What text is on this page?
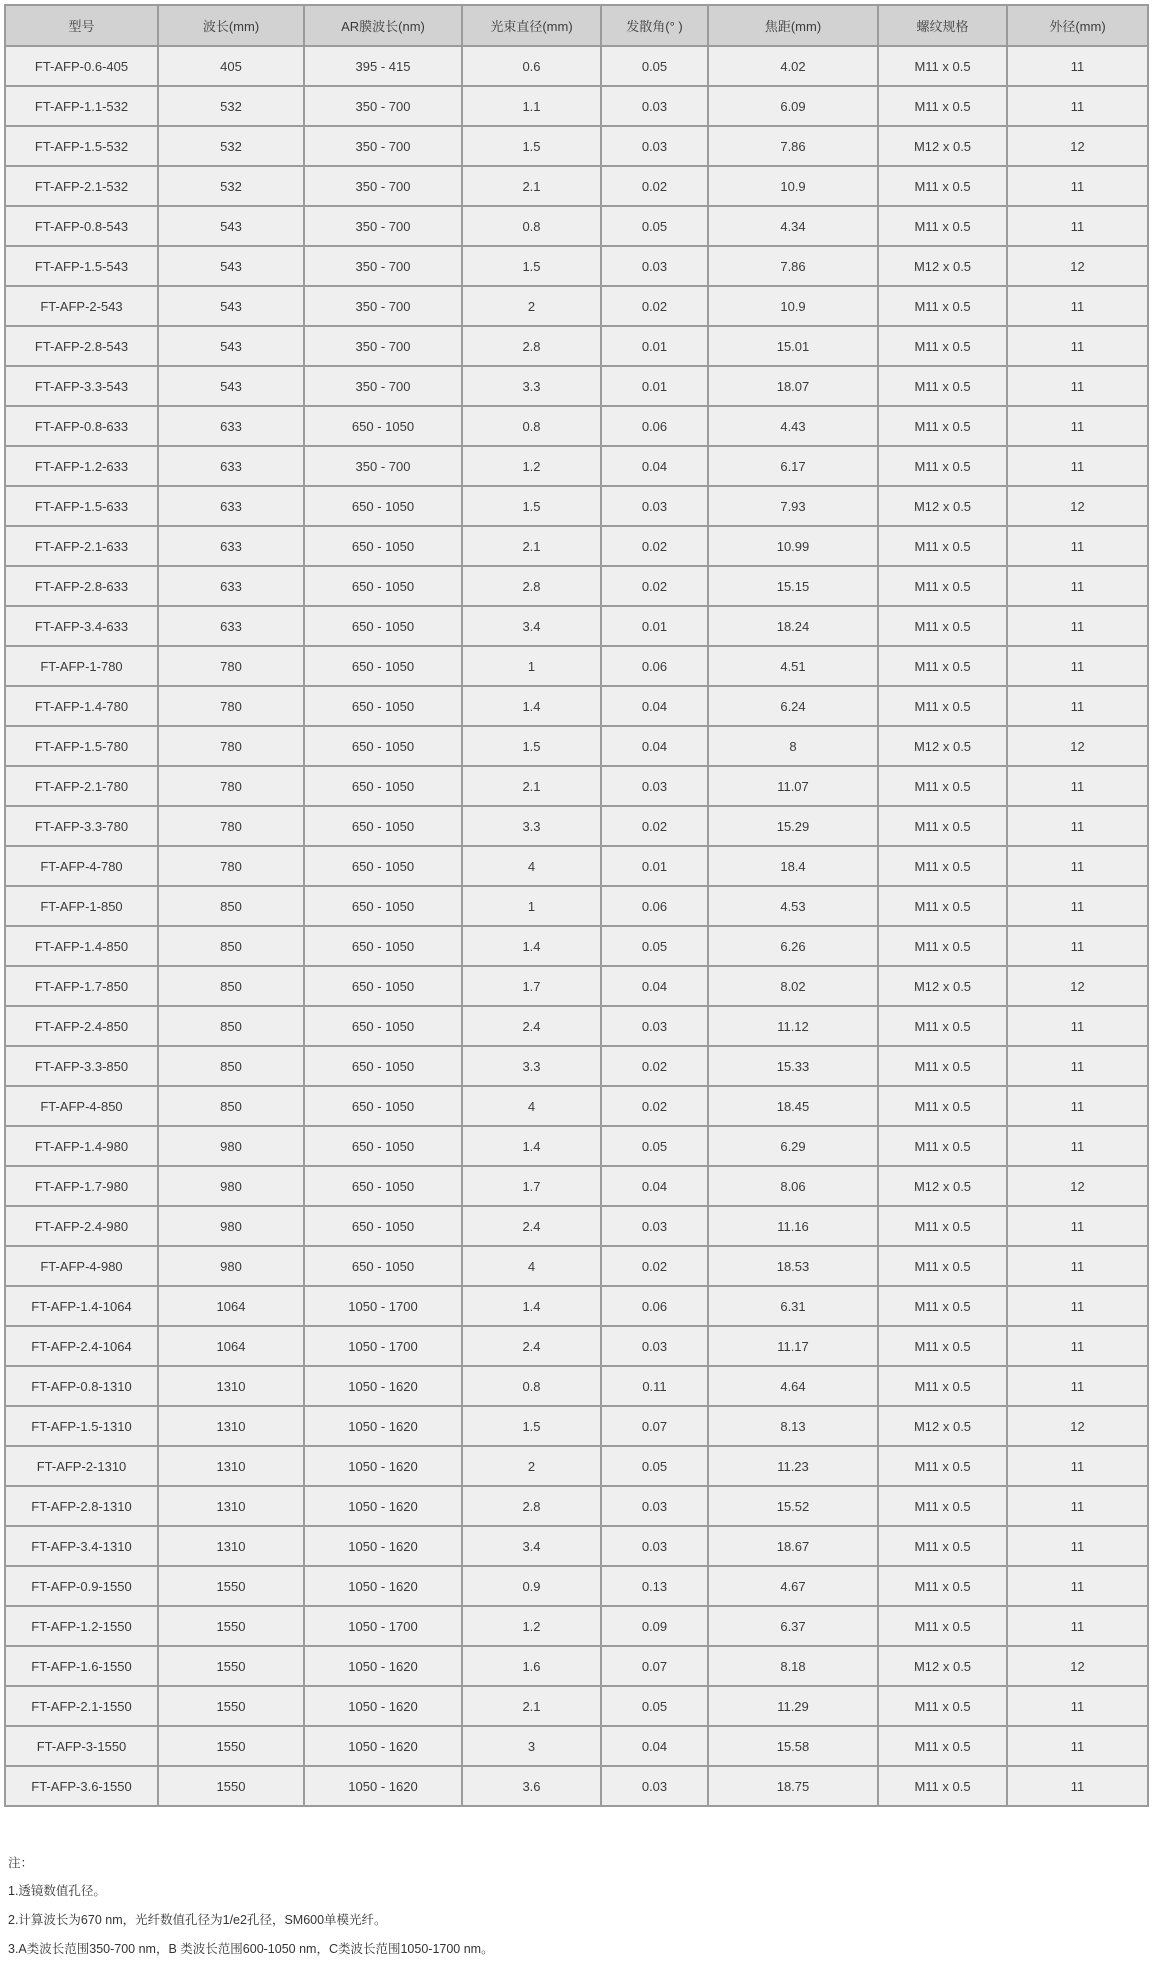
型号	波长(mm)	AR膜波长(nm)	光束直径(mm)	发散角(° )	焦距(mm)	螺纹规格	外径(mm)
FT-AFP-0.6-405	405	395 - 415	0.6	0.05	4.02	M11 x 0.5	11
FT-AFP-1.1-532	532	350 - 700	1.1	0.03	6.09	M11 x 0.5	11
FT-AFP-1.5-532	532	350 - 700	1.5	0.03	7.86	M12 x 0.5	12
FT-AFP-2.1-532	532	350 - 700	2.1	0.02	10.9	M11 x 0.5	11
FT-AFP-0.8-543	543	350 - 700	0.8	0.05	4.34	M11 x 0.5	11
FT-AFP-1.5-543	543	350 - 700	1.5	0.03	7.86	M12 x 0.5	12
FT-AFP-2-543	543	350 - 700	2	0.02	10.9	M11 x 0.5	11
FT-AFP-2.8-543	543	350 - 700	2.8	0.01	15.01	M11 x 0.5	11
FT-AFP-3.3-543	543	350 - 700	3.3	0.01	18.07	M11 x 0.5	11
FT-AFP-0.8-633	633	650 - 1050	0.8	0.06	4.43	M11 x 0.5	11
FT-AFP-1.2-633	633	350 - 700	1.2	0.04	6.17	M11 x 0.5	11
FT-AFP-1.5-633	633	650 - 1050	1.5	0.03	7.93	M12 x 0.5	12
FT-AFP-2.1-633	633	650 - 1050	2.1	0.02	10.99	M11 x 0.5	11
FT-AFP-2.8-633	633	650 - 1050	2.8	0.02	15.15	M11 x 0.5	11
FT-AFP-3.4-633	633	650 - 1050	3.4	0.01	18.24	M11 x 0.5	11
FT-AFP-1-780	780	650 - 1050	1	0.06	4.51	M11 x 0.5	11
FT-AFP-1.4-780	780	650 - 1050	1.4	0.04	6.24	M11 x 0.5	11
FT-AFP-1.5-780	780	650 - 1050	1.5	0.04	8	M12 x 0.5	12
FT-AFP-2.1-780	780	650 - 1050	2.1	0.03	11.07	M11 x 0.5	11
FT-AFP-3.3-780	780	650 - 1050	3.3	0.02	15.29	M11 x 0.5	11
FT-AFP-4-780	780	650 - 1050	4	0.01	18.4	M11 x 0.5	11
FT-AFP-1-850	850	650 - 1050	1	0.06	4.53	M11 x 0.5	11
FT-AFP-1.4-850	850	650 - 1050	1.4	0.05	6.26	M11 x 0.5	11
FT-AFP-1.7-850	850	650 - 1050	1.7	0.04	8.02	M12 x 0.5	12
FT-AFP-2.4-850	850	650 - 1050	2.4	0.03	11.12	M11 x 0.5	11
FT-AFP-3.3-850	850	650 - 1050	3.3	0.02	15.33	M11 x 0.5	11
FT-AFP-4-850	850	650 - 1050	4	0.02	18.45	M11 x 0.5	11
FT-AFP-1.4-980	980	650 - 1050	1.4	0.05	6.29	M11 x 0.5	11
FT-AFP-1.7-980	980	650 - 1050	1.7	0.04	8.06	M12 x 0.5	12
FT-AFP-2.4-980	980	650 - 1050	2.4	0.03	11.16	M11 x 0.5	11
FT-AFP-4-980	980	650 - 1050	4	0.02	18.53	M11 x 0.5	11
FT-AFP-1.4-1064	1064	1050 - 1700	1.4	0.06	6.31	M11 x 0.5	11
FT-AFP-2.4-1064	1064	1050 - 1700	2.4	0.03	11.17	M11 x 0.5	11
FT-AFP-0.8-1310	1310	1050 - 1620	0.8	0.11	4.64	M11 x 0.5	11
FT-AFP-1.5-1310	1310	1050 - 1620	1.5	0.07	8.13	M12 x 0.5	12
FT-AFP-2-1310	1310	1050 - 1620	2	0.05	11.23	M11 x 0.5	11
FT-AFP-2.8-1310	1310	1050 - 1620	2.8	0.03	15.52	M11 x 0.5	11
FT-AFP-3.4-1310	1310	1050 - 1620	3.4	0.03	18.67	M11 x 0.5	11
FT-AFP-0.9-1550	1550	1050 - 1620	0.9	0.13	4.67	M11 x 0.5	11
FT-AFP-1.2-1550	1550	1050 - 1700	1.2	0.09	6.37	M11 x 0.5	11
FT-AFP-1.6-1550	1550	1050 - 1620	1.6	0.07	8.18	M12 x 0.5	12
FT-AFP-2.1-1550	1550	1050 - 1620	2.1	0.05	11.29	M11 x 0.5	11
FT-AFP-3-1550	1550	1050 - 1620	3	0.04	15.58	M11 x 0.5	11
FT-AFP-3.6-1550	1550	1050 - 1620	3.6	0.03	18.75	M11 x 0.5	11
注：

1.透镜数值孔径。

2.计算波长为670 nm，光纤数值孔径为1/e2孔径，SM600单模光纤。

3.A类波长范围350-700 nm，B 类波长范围600-1050 nm，C类波长范围1050-1700 nm。
